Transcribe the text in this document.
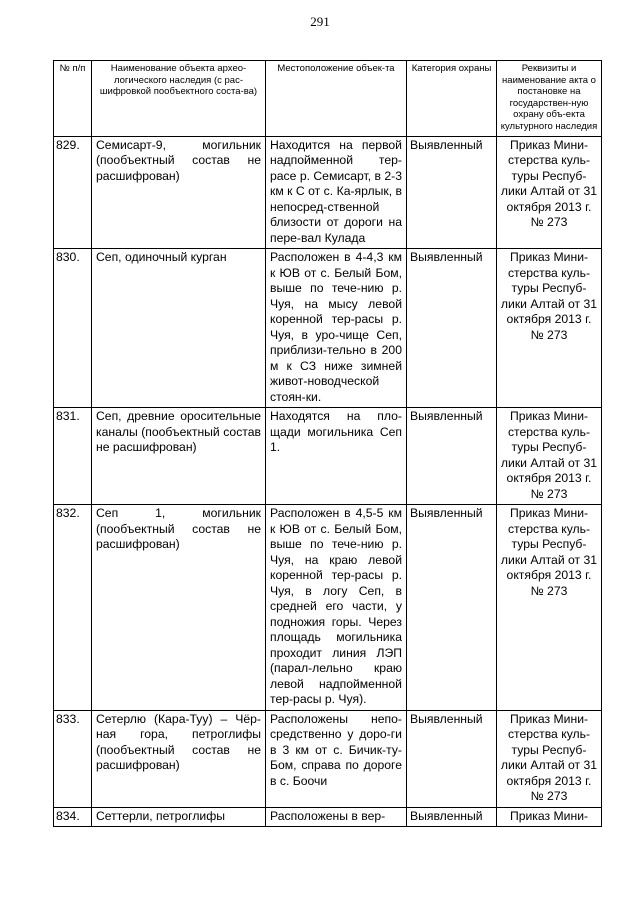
291
№ п/п	Наименование объекта архео-логического наследия (с рас-шифровкой пообъектного соста-ва)	Местоположение объек-та	Категория охраны	Реквизиты и наименование акта о постановке на государствен-ную охрану объ-екта культурного наследия
829.	Семисарт-9, могильник (пообъектный состав не расшифрован)	Находится на первой надпойменной тер-расе р. Семисарт, в 2-3 км к С от с. Ка-ярлык, в непосред-ственной близости от дороги на пере-вал Кулада	Выявленный	Приказ Мини-стерства куль-туры Респуб-лики Алтай от 31 октября 2013 г. № 273
830.	Сеп, одиночный курган	Расположен в 4-4,3 км к ЮВ от с. Белый Бом, выше по тече-нию р. Чуя, на мысу левой коренной тер-расы р. Чуя, в уро-чище Сеп, приблизи-тельно в 200 м к СЗ ниже зимней живот-новодческой стоян-ки.	Выявленный	Приказ Мини-стерства куль-туры Респуб-лики Алтай от 31 октября 2013 г. № 273
831.	Сеп, древние оросительные каналы (пообъектный состав не расшифрован)	Находятся на пло-щади могильника Сеп 1.	Выявленный	Приказ Мини-стерства куль-туры Респуб-лики Алтай от 31 октября 2013 г. № 273
832.	Сеп 1, могильник (пообъектный состав не расшифрован)	Расположен в 4,5-5 км к ЮВ от с. Белый Бом, выше по тече-нию р. Чуя, на краю левой коренной тер-расы р. Чуя, в логу Сеп, в средней его части, у подножия горы. Через площадь могильника проходит линия ЛЭП (парал-лельно краю левой надпойменной тер-расы р. Чуя).	Выявленный	Приказ Мини-стерства куль-туры Респуб-лики Алтай от 31 октября 2013 г. № 273
833.	Сетерлю (Кара-Туу) – Чёр-ная гора, петроглифы (пообъектный состав не расшифрован)	Расположены непо-средственно у доро-ги в 3 км от с. Бичик-ту-Бом, справа по дороге в с. Боочи	Выявленный	Приказ Мини-стерства куль-туры Респуб-лики Алтай от 31 октября 2013 г. № 273

834.	Сеттерли, петроглифы	Расположены в вер-	Выявленный	Приказ Мини-
